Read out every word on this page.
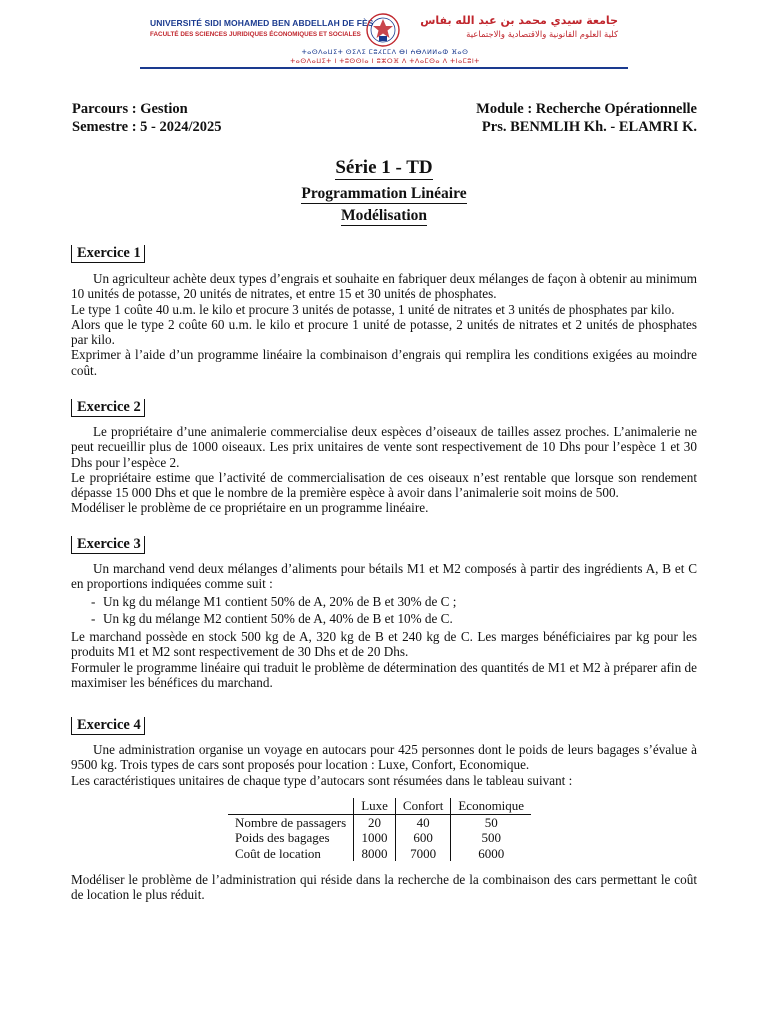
UNIVERSITÉ SIDI MOHAMED BEN ABDELLAH DE FÈS
FACULTÉ DES SCIENCES JURIDIQUES ÉCONOMIQUES ET SOCIALES
جامعة سيدي محمد بن عبد الله بفاس
كلية العلوم القانونية والاقتصادية والاجتماعية
ⵜⴰⵙⴷⴰⵡⵉⵜ ⵙⵉⴷⵉ ⵎⵓⵃⵎⵎⴷ ⴱⵏ ⵄⴱⴷⵍⵍⴰⵀ ⴼⴰⵙ
ⵜⴰⵙⴷⴰⵡⵉⵜ ⵏ ⵜⵓⵙⵙⵏⴰ ⵏ ⵓⵣⵔⴼ ⴷ ⵜⴷⴰⵎⵙⴰ ⴷ ⵜⵏⴰⵎⵓⵏⵜ
Parcours : Gestion
Semestre : 5 - 2024/2025
Module : Recherche Opérationnelle
Prs. BENMLIH Kh. - ELAMRI K.
Série 1 - TD
Programmation Linéaire
Modélisation
Exercice 1

Un agriculteur achète deux types d’engrais et souhaite en fabriquer deux mélanges de façon à obtenir au minimum 10 unités de potasse, 20 unités de nitrates, et entre 15 et 30 unités de phosphates.

Le type 1 coûte 40 u.m. le kilo et procure 3 unités de potasse, 1 unité de nitrates et 3 unités de phosphates par kilo.

Alors que le type 2 coûte 60 u.m. le kilo et procure 1 unité de potasse, 2 unités de nitrates et 2 unités de phosphates par kilo.

Exprimer à l’aide d’un programme linéaire la combinaison d’engrais qui remplira les conditions exigées au moindre coût.

Exercice 2

Le propriétaire d’une animalerie commercialise deux espèces d’oiseaux de tailles assez proches. L’animalerie ne peut recueillir plus de 1000 oiseaux. Les prix unitaires de vente sont respectivement de 10 Dhs pour l’espèce 1 et 30 Dhs pour l’espèce 2.

Le propriétaire estime que l’activité de commercialisation de ces oiseaux n’est rentable que lorsque son rendement dépasse 15 000 Dhs et que le nombre de la première espèce à avoir dans l’animalerie soit moins de 500.

Modéliser le problème de ce propriétaire en un programme linéaire.

Exercice 3

Un marchand vend deux mélanges d’aliments pour bétails M1 et M2 composés à partir des ingrédients A, B et C en proportions indiquées comme suit :

- Un kg du mélange M1 contient 50% de A, 20% de B et 30% de C ;

- Un kg du mélange M2 contient 50% de A, 40% de B et 10% de C.

Le marchand possède en stock 500 kg de A, 320 kg de B et 240 kg de C. Les marges bénéficiaires par kg pour les produits M1 et M2 sont respectivement de 30 Dhs et de 20 Dhs.

Formuler le programme linéaire qui traduit le problème de détermination des quantités de M1 et M2 à préparer afin de maximiser les bénéfices du marchand.

Exercice 4

Une administration organise un voyage en autocars pour 425 personnes dont le poids de leurs bagages s’évalue à 9500 kg. Trois types de cars sont proposés pour location : Luxe, Confort, Economique.

Les caractéristiques unitaires de chaque type d’autocars sont résumées dans le tableau suivant :

	Luxe	Confort	Economique
Nombre de passagers	20	40	50
Poids des bagages	1000	600	500
Coût de location	8000	7000	6000

Modéliser le problème de l’administration qui réside dans la recherche de la combinaison des cars permettant le coût de location le plus réduit.
